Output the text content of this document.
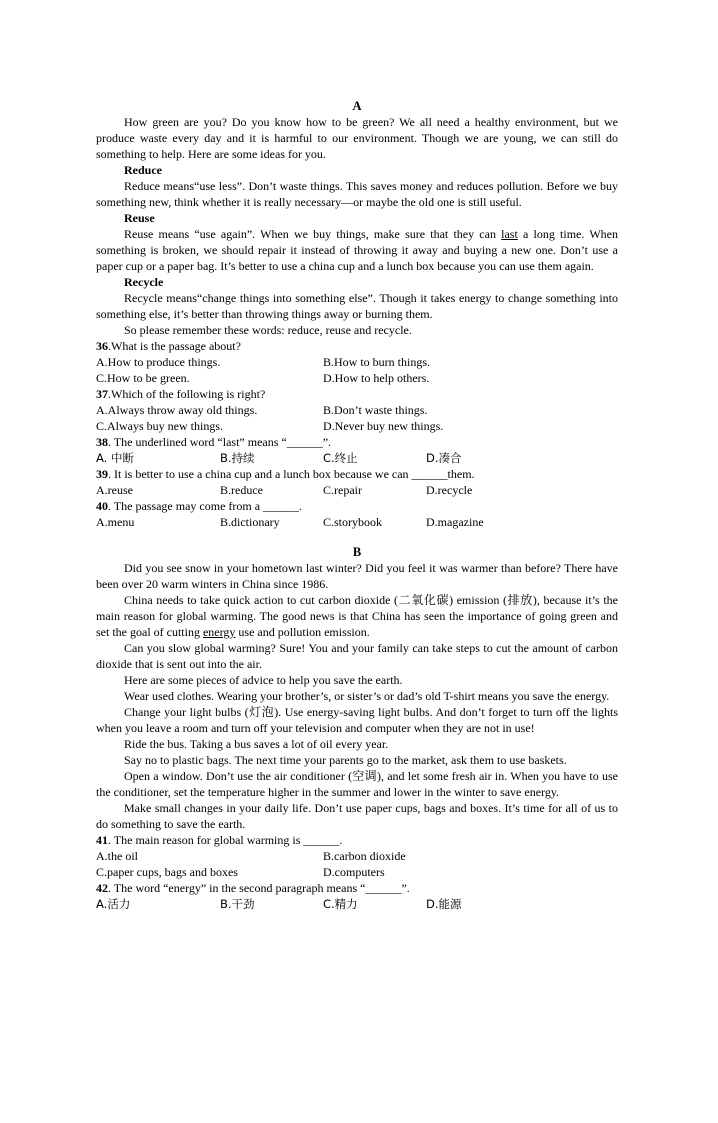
A

How green are you? Do you know how to be green? We all need a healthy environment, but we produce waste every day and it is harmful to our environment. Though we are young, we can still do something to help. Here are some ideas for you.

Reduce

Reduce means“use less”. Don’t waste things. This saves money and reduces pollution. Before we buy something new, think whether it is really necessary—or maybe the old one is still useful.

Reuse

Reuse means “use again”. When we buy things, make sure that they can last a long time. When something is broken, we should repair it instead of throwing it away and buying a new one. Don’t use a paper cup or a paper bag. It’s better to use a china cup and a lunch box because you can use them again.

Recycle

Recycle means“change things into something else”. Though it takes energy to change something into something else, it’s better than throwing things away or burning them.

So please remember these words: reduce, reuse and recycle.

36.What is the passage about?

A.How to produce things.	B.How to burn things.
C.How to be green.	D.How to help others.

37.Which of the following is right?

A.Always throw away old things.	B.Don’t waste things.
C.Always buy new things.	D.Never buy new things.

38. The underlined word “last” means “______”.

A. 中断	B.持续	C.终止	D.凑合

39. It is better to use a china cup and a lunch box because we can ______them.

A.reuse	B.reduce	C.repair	D.recycle

40. The passage may come from a ______.

A.menu	B.dictionary	C.storybook	D.magazine

B

Did you see snow in your hometown last winter? Did you feel it was warmer than before? There have been over 20 warm winters in China since 1986.

China needs to take quick action to cut carbon dioxide (二氧化碳) emission (排放), because it’s the main reason for global warming. The good news is that China has seen the importance of going green and set the goal of cutting energy use and pollution emission.

Can you slow global warming? Sure! You and your family can take steps to cut the amount of carbon dioxide that is sent out into the air.

Here are some pieces of advice to help you save the earth.

Wear used clothes. Wearing your brother’s, or sister’s or dad’s old T-shirt means you save the energy.

Change your light bulbs (灯泡). Use energy-saving light bulbs. And don’t forget to turn off the lights when you leave a room and turn off your television and computer when they are not in use!

Ride the bus. Taking a bus saves a lot of oil every year.

Say no to plastic bags. The next time your parents go to the market, ask them to use baskets.

Open a window. Don’t use the air conditioner (空调), and let some fresh air in. When you have to use the conditioner, set the temperature higher in the summer and lower in the winter to save energy.

Make small changes in your daily life. Don’t use paper cups, bags and boxes. It’s time for all of us to do something to save the earth.

41. The main reason for global warming is ______.

A.the oil	B.carbon dioxide
C.paper cups, bags and boxes	D.computers

42. The word “energy” in the second paragraph means “______”.

A.活力	B.干劲	C.精力	D.能源
